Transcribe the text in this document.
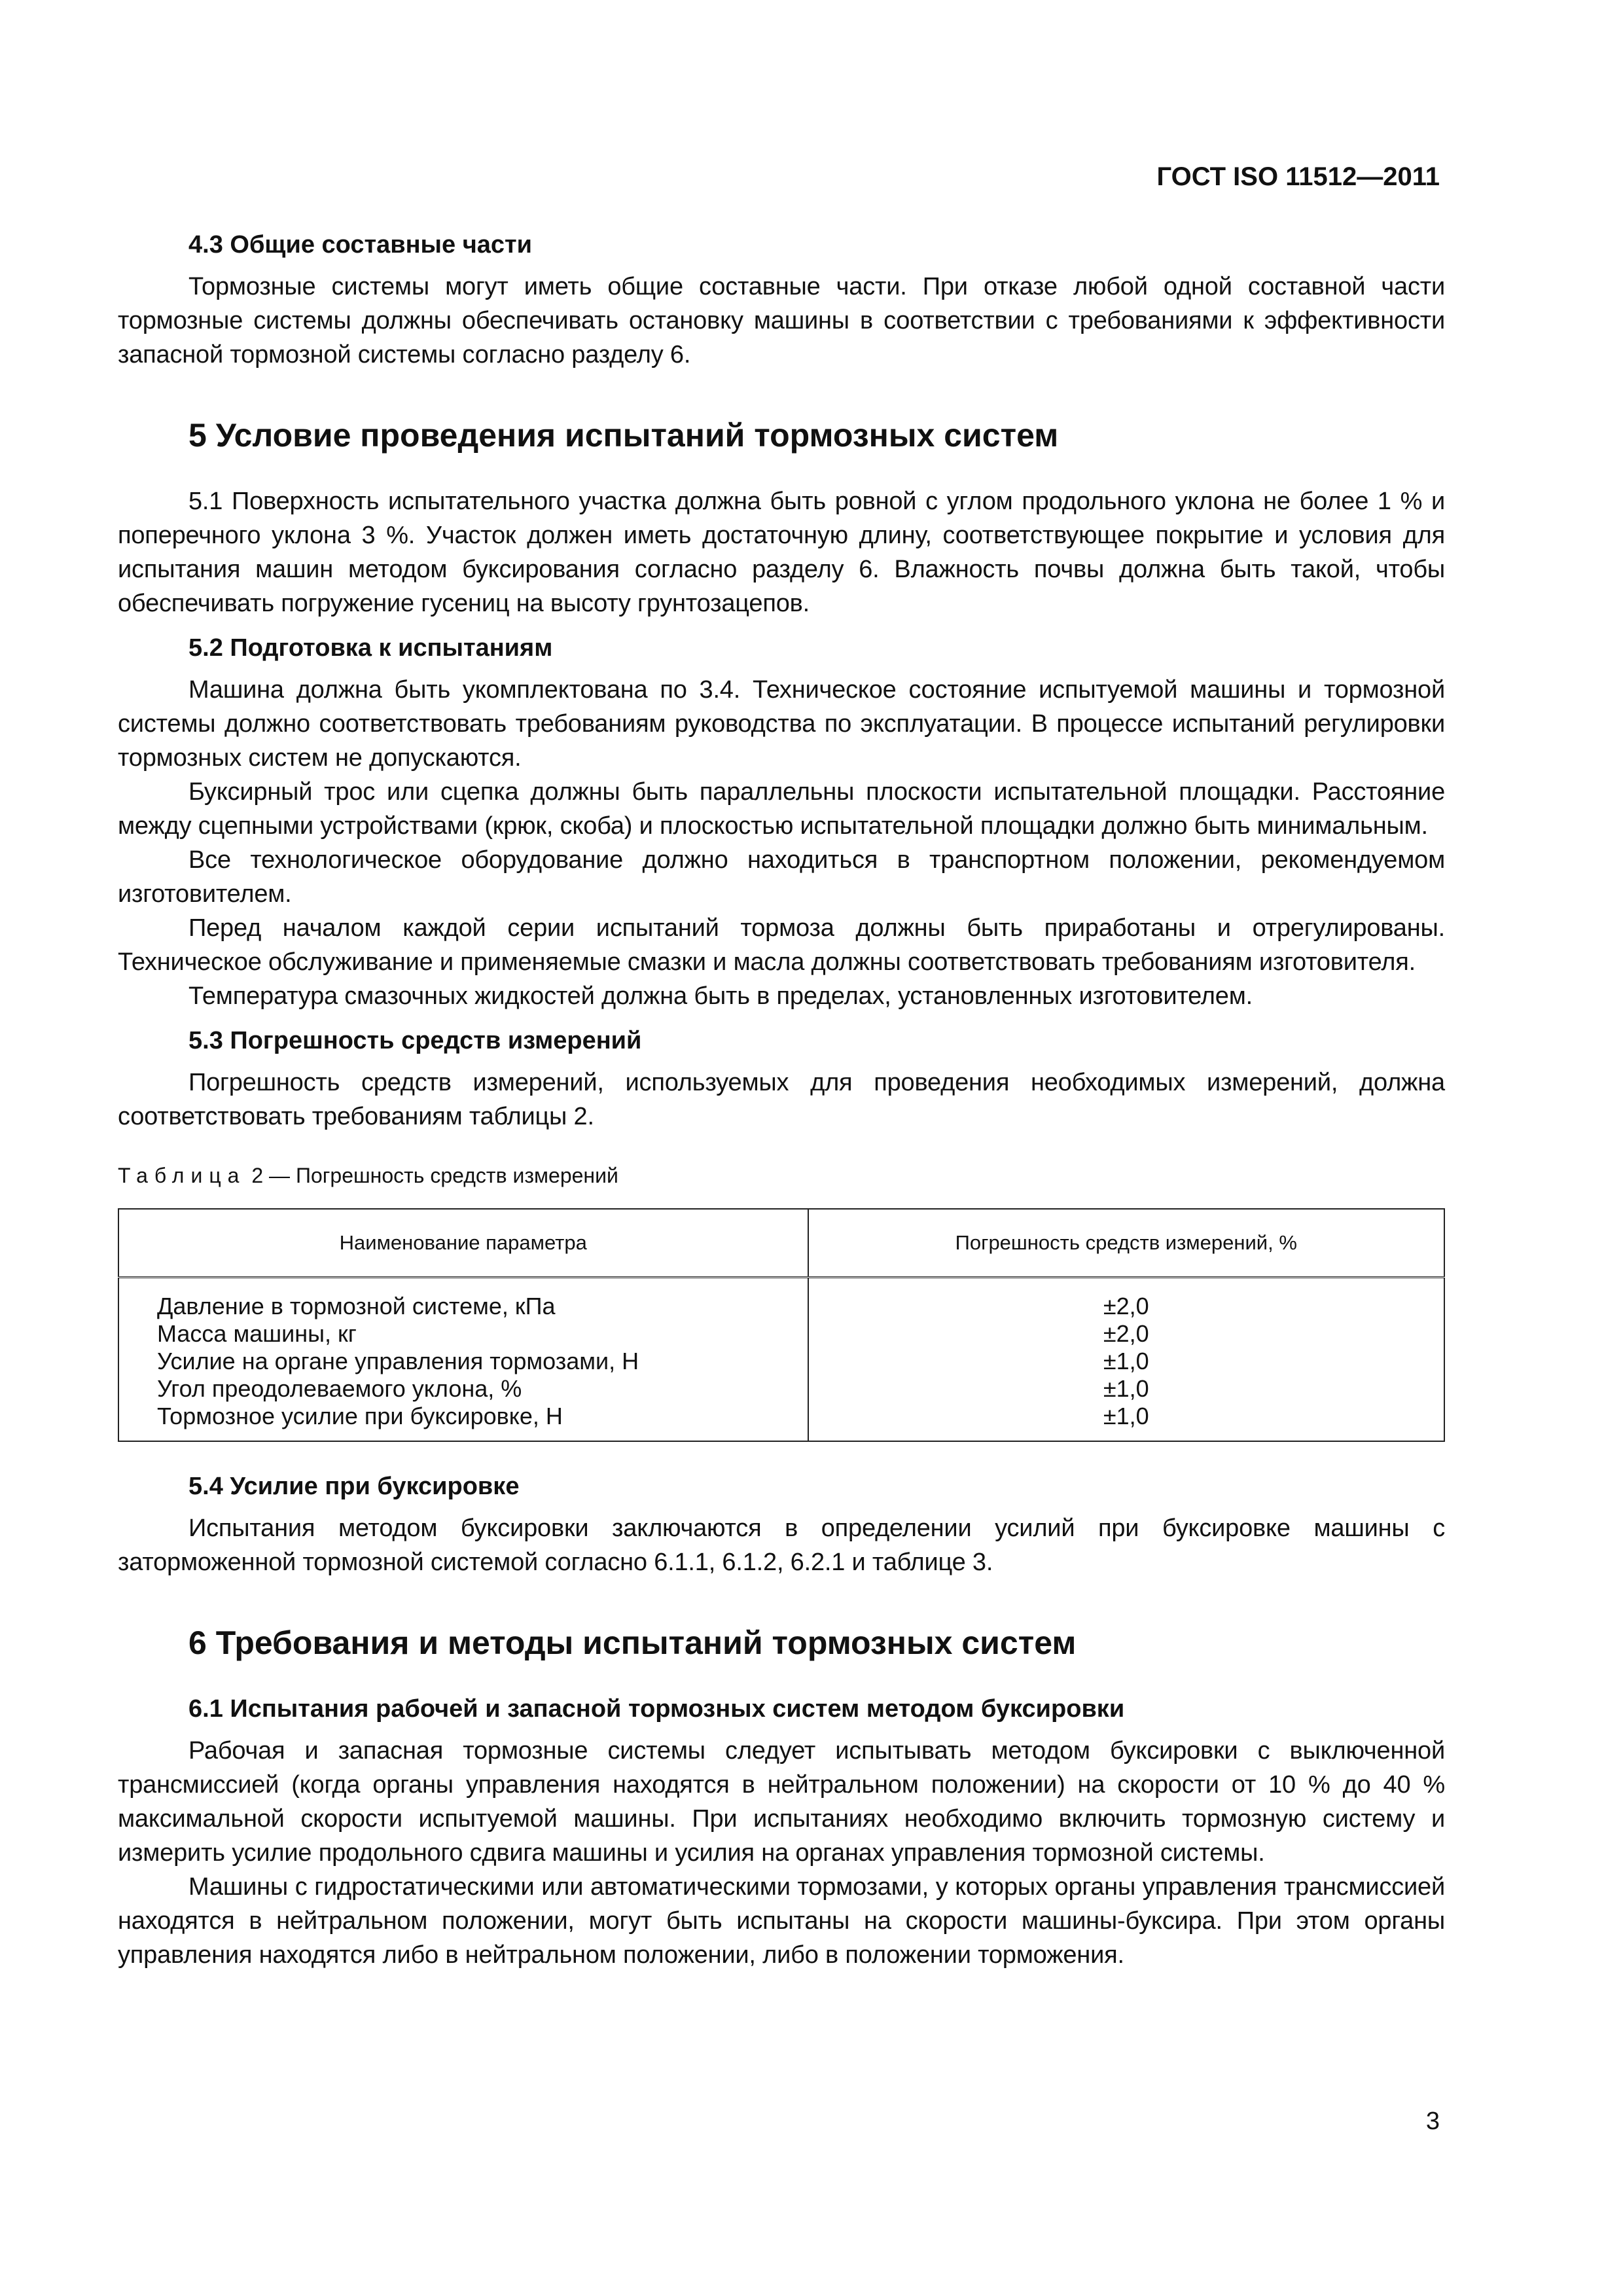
ГОСТ ISO 11512—2011
4.3 Общие составные части

Тормозные системы могут иметь общие составные части. При отказе любой одной составной части тормозные системы должны обеспечивать остановку машины в соответствии с требованиями к эффективности запасной тормозной системы согласно разделу 6.

5 Условие проведения испытаний тормозных систем

5.1 Поверхность испытательного участка должна быть ровной с углом продольного уклона не более 1 % и поперечного уклона 3 %. Участок должен иметь достаточную длину, соответствующее покрытие и условия для испытания машин методом буксирования согласно разделу 6. Влажность почвы должна быть такой, чтобы обеспечивать погружение гусениц на высоту грунтозацепов.

5.2 Подготовка к испытаниям

Машина должна быть укомплектована по 3.4. Техническое состояние испытуемой машины и тормозной системы должно соответствовать требованиям руководства по эксплуатации. В процессе испытаний регулировки тормозных систем не допускаются.

Буксирный трос или сцепка должны быть параллельны плоскости испытательной площадки. Расстояние между сцепными устройствами (крюк, скоба) и плоскостью испытательной площадки должно быть минимальным.

Все технологическое оборудование должно находиться в транспортном положении, рекомендуемом изготовителем.

Перед началом каждой серии испытаний тормоза должны быть приработаны и отрегулированы. Техническое обслуживание и применяемые смазки и масла должны соответствовать требованиям изготовителя.

Температура смазочных жидкостей должна быть в пределах, установленных изготовителем.

5.3 Погрешность средств измерений

Погрешность средств измерений, используемых для проведения необходимых измерений, должна соответствовать требованиям таблицы 2.

Таблица 2 — Погрешность средств измерений
Наименование параметра	Погрешность средств измерений, %
Давление в тормозной системе, кПа	±2,0
Масса машины, кг	±2,0
Усилие на органе управления тормозами, Н	±1,0
Угол преодолеваемого уклона, %	±1,0
Тормозное усилие при буксировке, Н	±1,0
5.4 Усилие при буксировке

Испытания методом буксировки заключаются в определении усилий при буксировке машины с заторможенной тормозной системой согласно 6.1.1, 6.1.2, 6.2.1 и таблице 3.

6 Требования и методы испытаний тормозных систем
6.1 Испытания рабочей и запасной тормозных систем методом буксировки

Рабочая и запасная тормозные системы следует испытывать методом буксировки с выключенной трансмиссией (когда органы управления находятся в нейтральном положении) на скорости от 10 % до 40 % максимальной скорости испытуемой машины. При испытаниях необходимо включить тормозную систему и измерить усилие продольного сдвига машины и усилия на органах управления тормозной системы.

Машины с гидростатическими или автоматическими тормозами, у которых органы управления трансмиссией находятся в нейтральном положении, могут быть испытаны на скорости машины-буксира. При этом органы управления находятся либо в нейтральном положении, либо в положении торможения.

3
